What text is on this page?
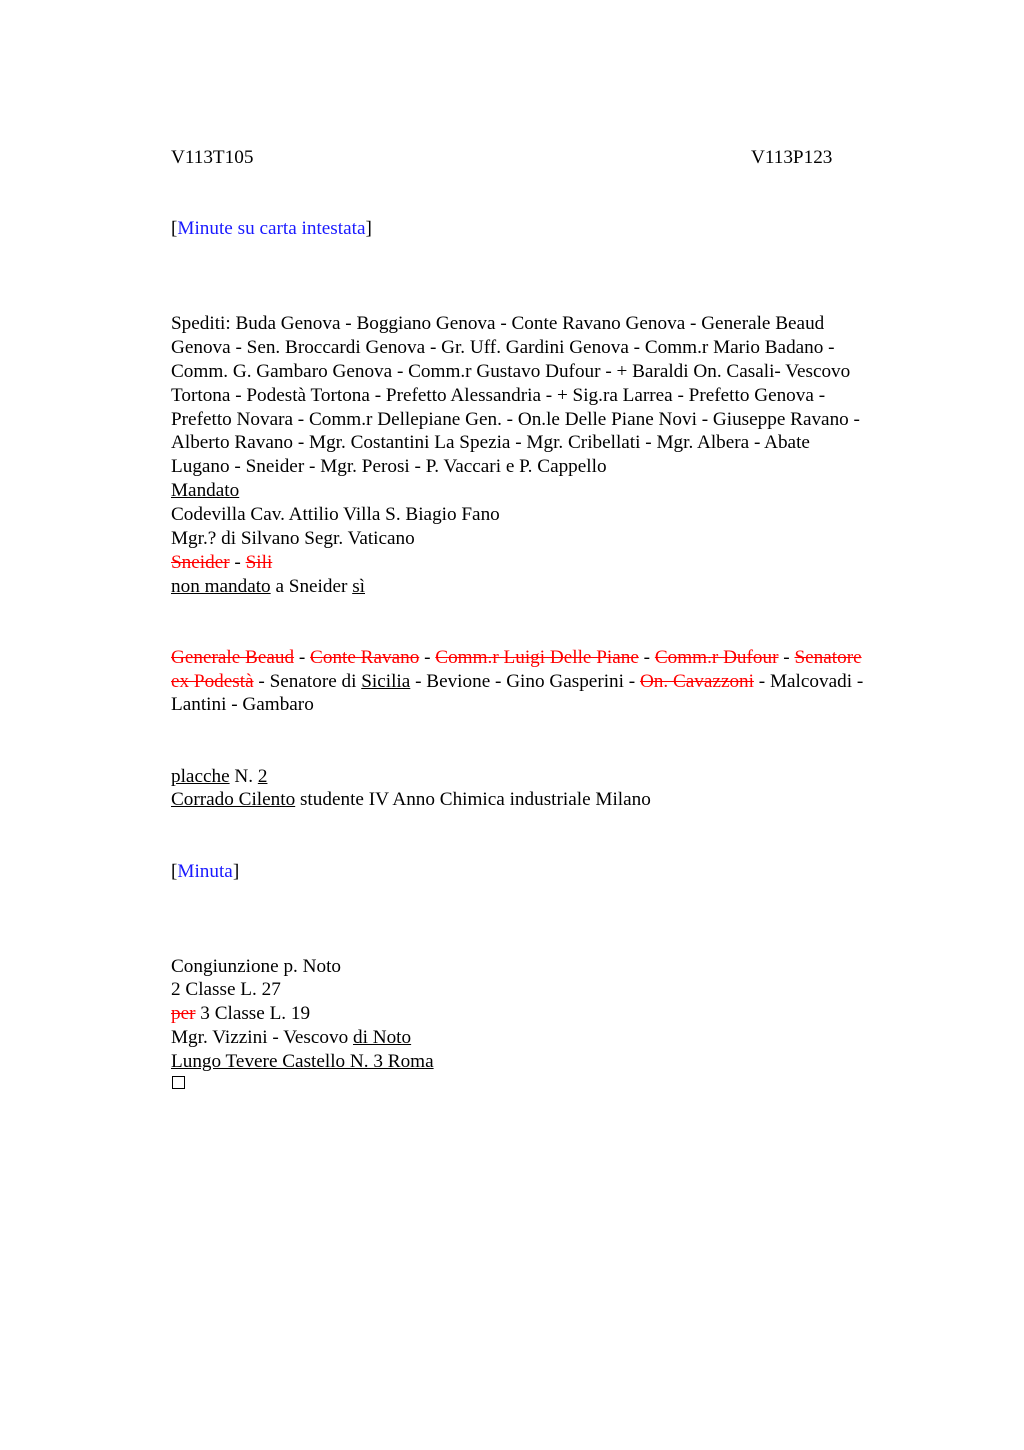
V113T105	V113P123
[Minute su carta intestata]
Spediti: Buda Genova - Boggiano Genova - Conte Ravano Genova - Generale Beaud
Genova - Sen. Broccardi Genova - Gr. Uff. Gardini Genova - Comm.r Mario Badano -
Comm. G. Gambaro Genova - Comm.r Gustavo Dufour - + Baraldi On. Casali- Vescovo
Tortona - Podestà Tortona - Prefetto Alessandria - + Sig.ra Larrea - Prefetto Genova -
Prefetto Novara - Comm.r Dellepiane Gen. - On.le Delle Piane Novi - Giuseppe Ravano -
Alberto Ravano - Mgr. Costantini La Spezia - Mgr. Cribellati - Mgr. Albera - Abate
Lugano - Sneider - Mgr. Perosi - P. Vaccari e P. Cappello
Mandato
Codevilla Cav. Attilio Villa S. Biagio Fano
Mgr.? di Silvano Segr. Vaticano
Sneider - Sili
non mandato a Sneider sì
Generale Beaud - Conte Ravano - Comm.r Luigi Delle Piane - Comm.r Dufour - Senatore
ex Podestà - Senatore di Sicilia - Bevione - Gino Gasperini - On. Cavazzoni - Malcovadi -
Lantini - Gambaro
placche N. 2
Corrado Cilento studente IV Anno Chimica industriale Milano
[Minuta]
Congiunzione p. Noto
2 Classe L. 27
per 3 Classe L. 19
Mgr. Vizzini - Vescovo di Noto
Lungo Tevere Castello N. 3 Roma
